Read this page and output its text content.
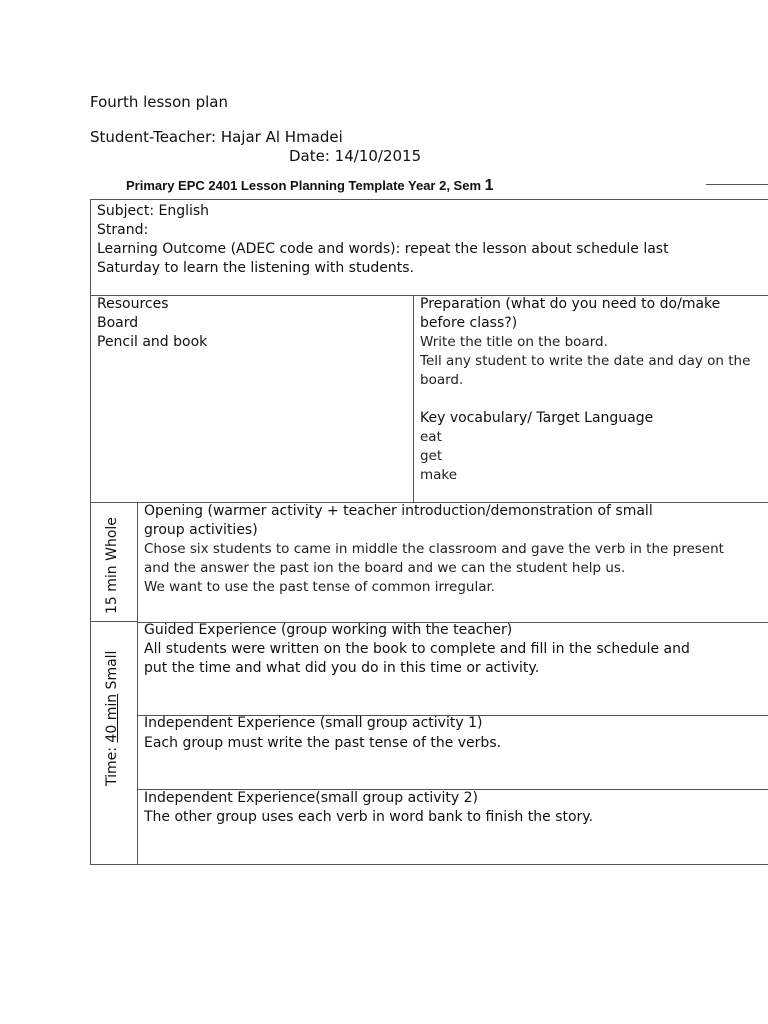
Fourth lesson plan
Student-Teacher: Hajar Al Hmadei
Date: 14/10/2015
Primary EPC 2401 Lesson Planning Template Year 2, Sem 1
Subject: English
Strand:
Learning Outcome (ADEC code and words): repeat the lesson about schedule last
Saturday to learn the listening with students.
Resources
Board
Pencil and book
Preparation (what do you need to do/make
before class?)
Write the title on the board.
Tell any student to write the date and day on the
board.
Key vocabulary/ Target Language
eat
get
make
15 min Whole
Time: 40 min Small
Opening (warmer activity + teacher introduction/demonstration of small
group activities)
Chose six students to came in middle the classroom and gave the verb in the present
and the answer the past ion the board and we can the student help us.
We want to use the past tense of common irregular.
Guided Experience (group working with the teacher)
All students were written on the book to complete and fill in the schedule and
put the time and what did you do in this time or activity.
Independent Experience (small group activity 1)
Each group must write the past tense of the verbs.
Independent Experience(small group activity 2)
The other group uses each verb in word bank to finish the story.
